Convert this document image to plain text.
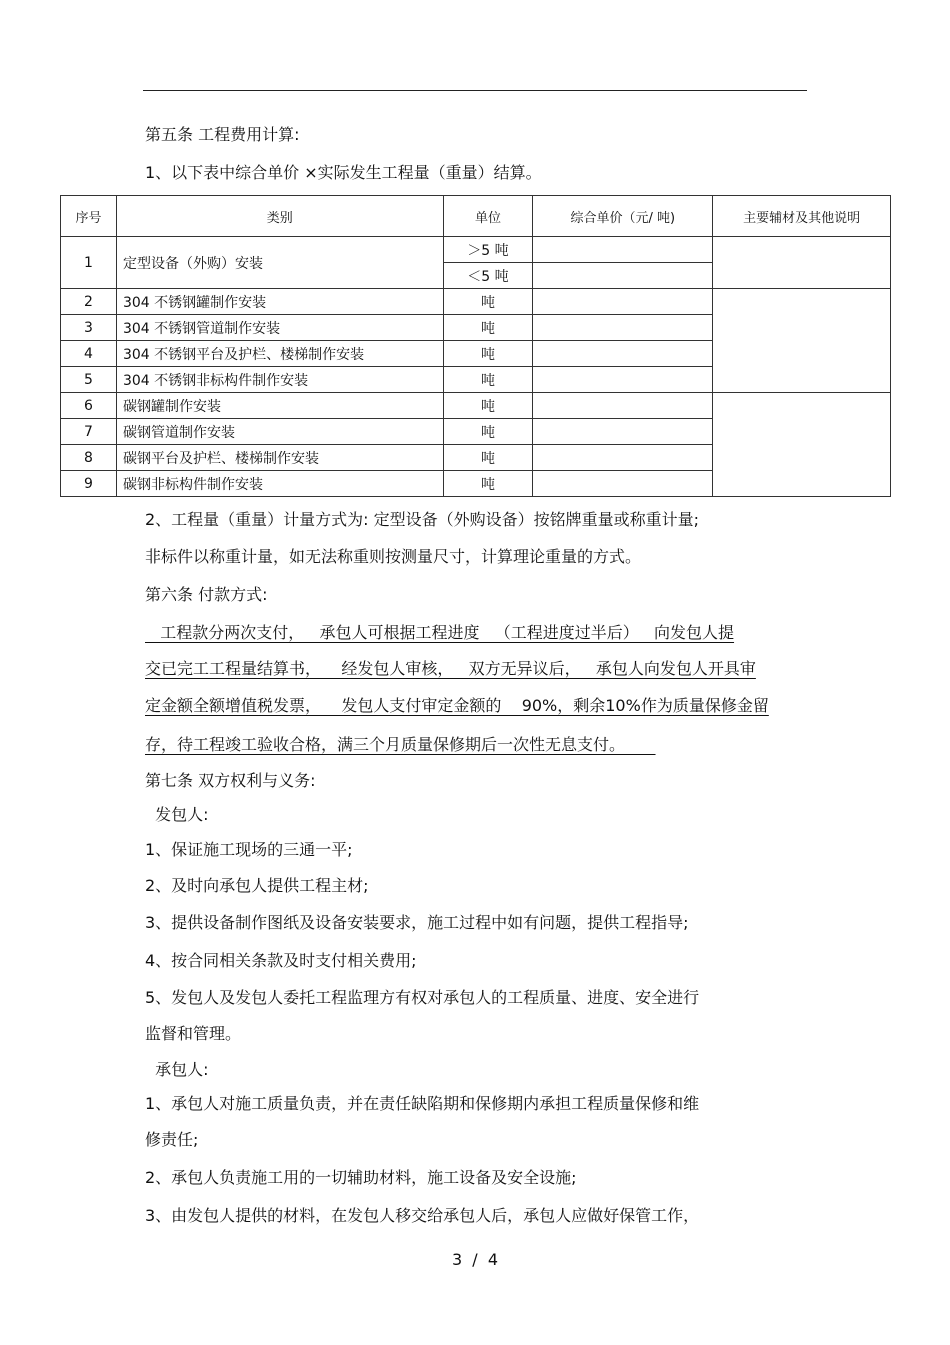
第五条 工程费用计算:
1、以下表中综合单价 ×实际发生工程量（重量）结算。
序号	类别	单位	综合单价（元/ 吨)	主要辅材及其他说明
1	定型设备（外购）安装	＞5 吨		
		＜5 吨		
2	304 不锈钢罐制作安装	吨		
3	304 不锈钢管道制作安装	吨		
4	304 不锈钢平台及护栏、楼梯制作安装	吨		
5	304 不锈钢非标构件制作安装	吨		
6	碳钢罐制作安装	吨		
7	碳钢管道制作安装	吨		
8	碳钢平台及护栏、楼梯制作安装	吨		
9	碳钢非标构件制作安装	吨		
2、工程量（重量）计量方式为: 定型设备（外购设备）按铭牌重量或称重计量;
非标件以称重计量，如无法称重则按测量尺寸，计算理论重量的方式。
第六条 付款方式:
工程款分两次支付，   承包人可根据工程进度   （工程进度过半后）   向发包人提
交已完工工程量结算书，    经发包人审核，   双方无异议后，   承包人向发包人开具审
定金额全额增值税发票，    发包人支付审定金额的    90%，剩余10%作为质量保修金留
存，待工程竣工验收合格，满三个月质量保修期后一次性无息支付。
第七条 双方权利与义务:
发包人:
1、保证施工现场的三通一平;
2、及时向承包人提供工程主材;
3、提供设备制作图纸及设备安装要求，施工过程中如有问题，提供工程指导;
4、按合同相关条款及时支付相关费用;
5、发包人及发包人委托工程监理方有权对承包人的工程质量、进度、安全进行
监督和管理。
承包人:
1、承包人对施工质量负责，并在责任缺陷期和保修期内承担工程质量保修和维
修责任;
2、承包人负责施工用的一切辅助材料，施工设备及安全设施;
3、由发包人提供的材料，在发包人移交给承包人后，承包人应做好保管工作，
3  /  4
